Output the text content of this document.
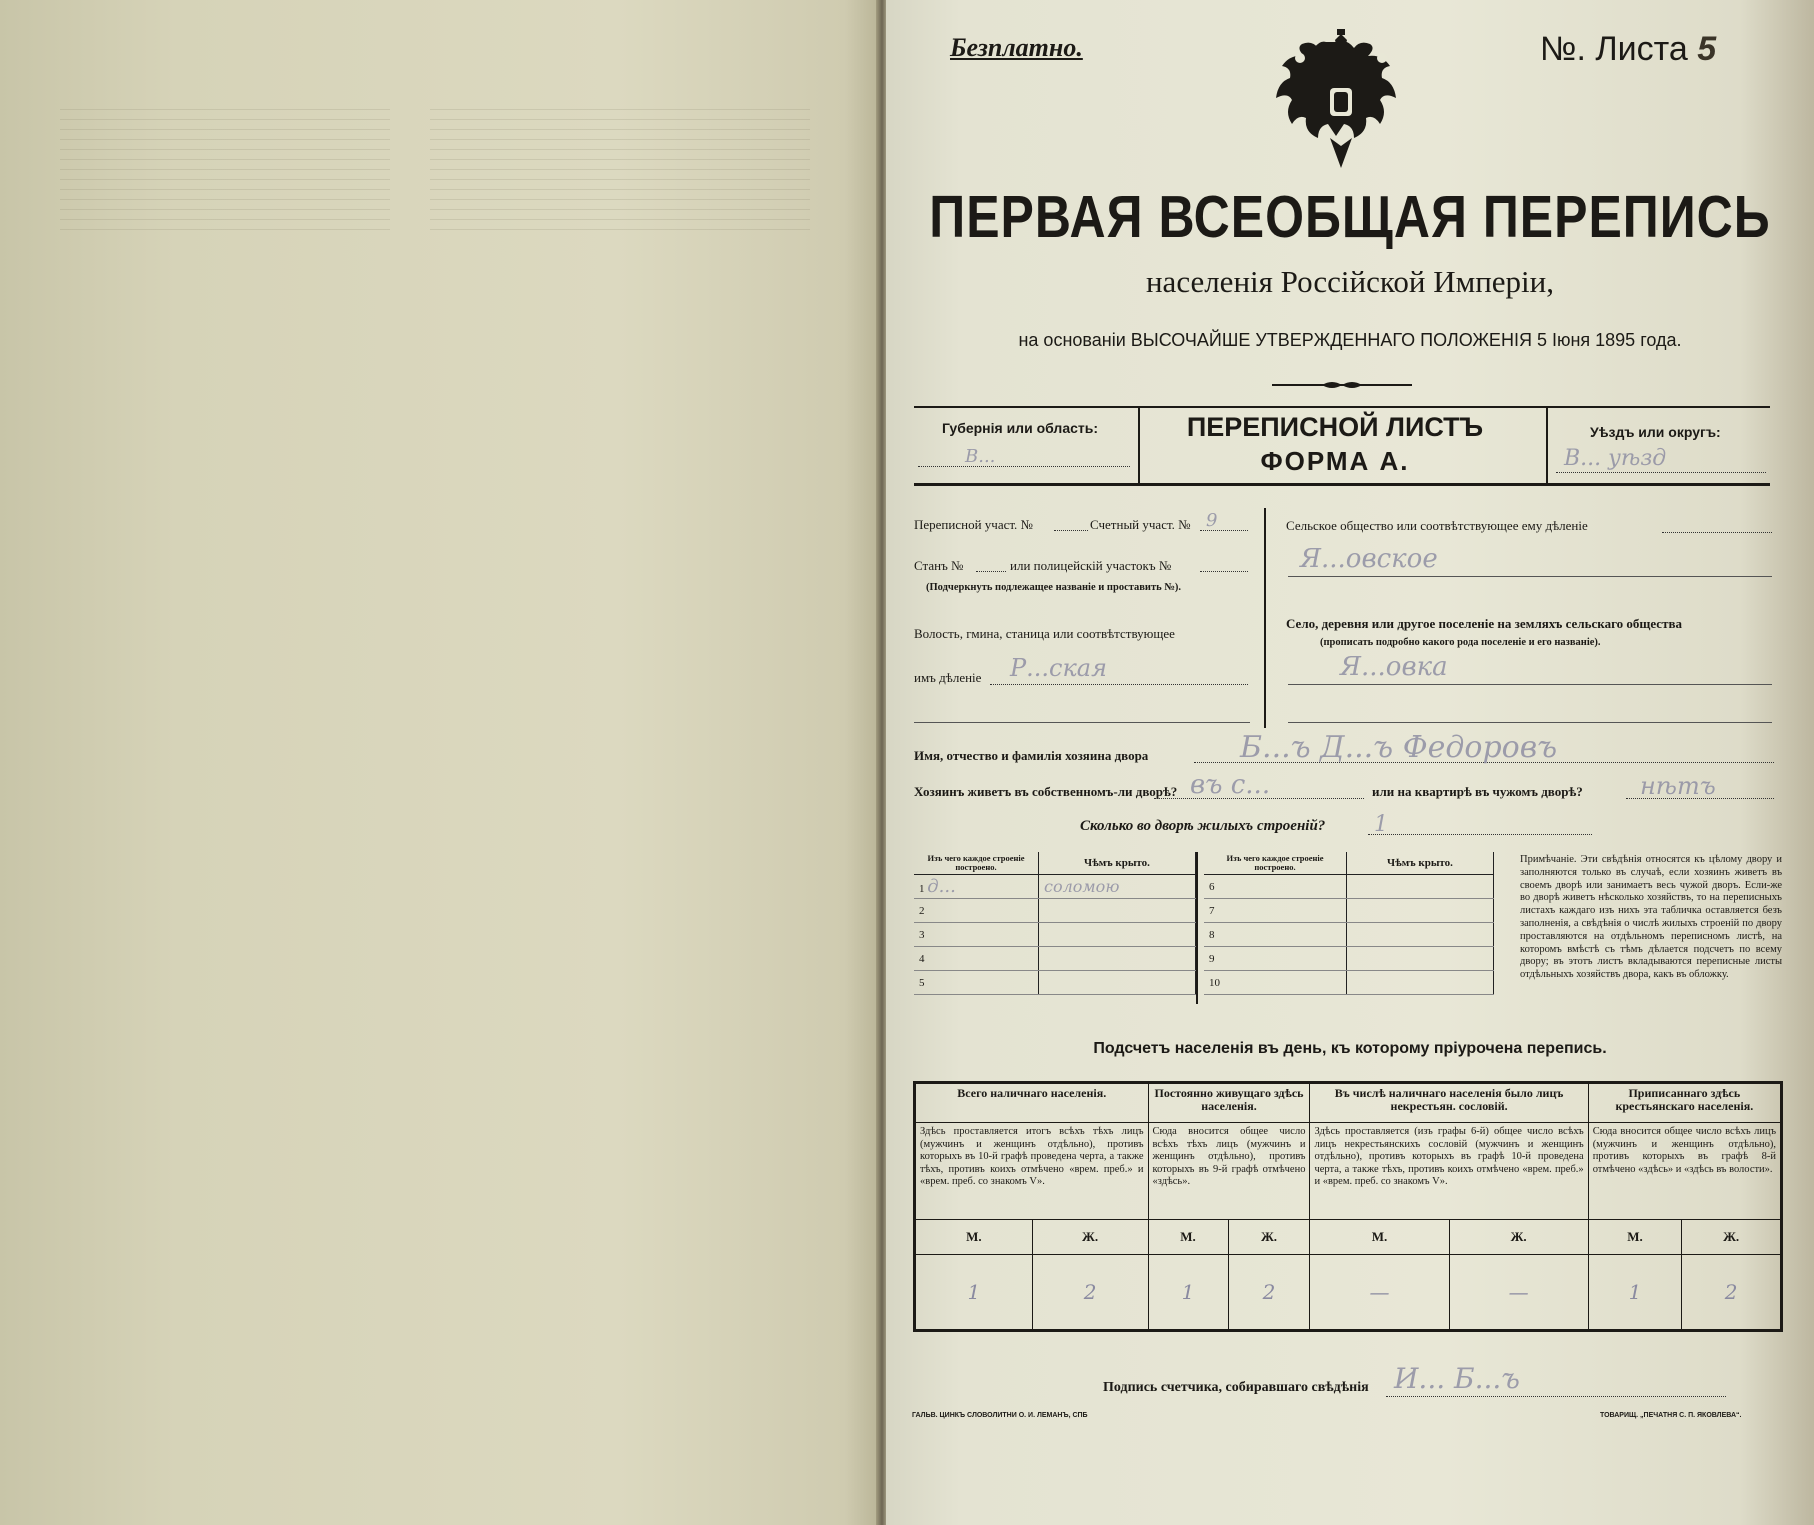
Безплатно.	№. Листа 5
ПЕРВАЯ ВСЕОБЩАЯ ПЕРЕПИСЬ
населенія Россійской Имперіи,
на основаніи ВЫСОЧАЙШЕ УТВЕРЖДЕННАГО ПОЛОЖЕНІЯ 5 Іюня 1895 года.
Губернія или область:
В...
ПЕРЕПИСНОЙ ЛИСТЪ
ФОРМА А.
Уѣздъ или округъ:
В... уѣзд
Переписной участ. №	Счетный участ. № 9
Станъ №	или полицейскій участокъ №
(Подчеркнуть подлежащее названіе и проставить №).
Волость, гмина, станица или соотвѣтствующее
имъ дѣленіе Р...ская
Сельское общество или соотвѣтствующее ему дѣленіе
Я...овское
Село, деревня или другое поселеніе на земляхъ сельскаго общества
(прописать подробно какого рода поселеніе и его названіе).
Я...овка
Имя, отчество и фамилія хозяина двора	Б...ъ Д...ъ Федоровъ
Хозяинъ живетъ въ собственномъ-ли дворѣ? въ с...	или на квартирѣ въ чужомъ дворѣ? нѣтъ
Сколько во дворѣ жилыхъ строеній? 1
Изъ чего каждое строеніе построено.	Чѣмъ крыто.
1 д...	соломою
2	
3	
4	
5	
Изъ чего каждое строеніе построено.	Чѣмъ крыто.
6	
7	
8	
9	
10	
Примѣчаніе. Эти свѣдѣнія относятся къ цѣлому двору и заполняются только въ случаѣ, если хозяинъ живетъ въ своемъ дворѣ или занимаетъ весь чужой дворъ. Если-же во дворѣ живетъ нѣсколько хозяйствъ, то на переписныхъ листахъ каждаго изъ нихъ эта табличка оставляется безъ заполненія, а свѣдѣнія о числѣ жилыхъ строеній по двору проставляются на отдѣльномъ переписномъ листѣ, на которомъ вмѣстѣ съ тѣмъ дѣлается подсчетъ по всему двору; въ этотъ листъ вкладываются переписные листы отдѣльныхъ хозяйствъ двора, какъ въ обложку.
Подсчетъ населенія въ день, къ которому пріурочена перепись.
Всего наличнаго населенія.		Постоянно живущаго здѣсь населенія.		Въ числѣ наличнаго населенія было лицъ некрестьян. сословій.		Приписаннаго здѣсь крестьянскаго населенія.	
Здѣсь проставляется итогъ всѣхъ тѣхъ лицъ (мужчинъ и женщинъ отдѣльно), противъ которыхъ въ 10-й графѣ проведена черта, а также тѣхъ, противъ коихъ отмѣчено «врем. преб.» и «врем. преб. со знакомъ V».		Сюда вносится общее число всѣхъ тѣхъ лицъ (мужчинъ и женщинъ отдѣльно), противъ которыхъ въ 9-й графѣ отмѣчено «здѣсь».		Здѣсь проставляется (изъ графы 6-й) общее число всѣхъ лицъ некрестьянскихъ сословій (мужчинъ и женщинъ отдѣльно), противъ которыхъ въ графѣ 10-й проведена черта, а также тѣхъ, противъ коихъ отмѣчено «врем. преб.» и «врем. преб. со знакомъ V».		Сюда вносится общее число всѣхъ лицъ (мужчинъ и женщинъ отдѣльно), противъ которыхъ въ графѣ 8-й отмѣчено «здѣсь» и «здѣсь въ волости».	
М.	Ж.	М.	Ж.	М.	Ж.	М.	Ж.
1	2	1	2	—	—	1	2
Подпись счетчика, собиравшаго свѣдѣнія И... Б...ъ
ГАЛЬВ. ЦИНКЪ СЛОВОЛИТНИ О. И. ЛЕМАНЪ, СПБ	ТОВАРИЩ. „ПЕЧАТНЯ С. П. ЯКОВЛЕВА“.
